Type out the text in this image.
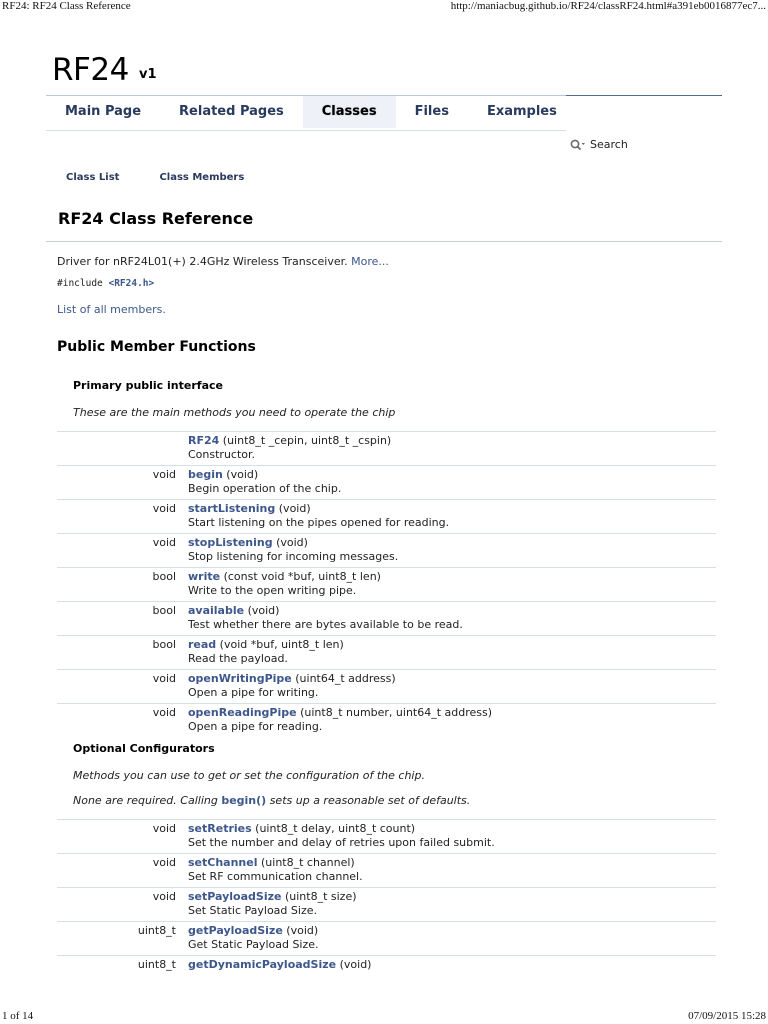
RF24: RF24 Class Reference	http://maniacbug.github.io/RF24/classRF24.html#a391eb0016877ec7...
RF24 v1
Main Page	Related Pages	Classes	Files	Examples
Search
Class List	Class Members
RF24 Class Reference
Driver for nRF24L01(+) 2.4GHz Wireless Transceiver. More...
#include <RF24.h>
List of all members.
Public Member Functions
Primary public interface
These are the main methods you need to operate the chip
RF24 (uint8_t _cepin, uint8_t _cspin)
Constructor.
void begin (void)
Begin operation of the chip.
void startListening (void)
Start listening on the pipes opened for reading.
void stopListening (void)
Stop listening for incoming messages.
bool write (const void *buf, uint8_t len)
Write to the open writing pipe.
bool available (void)
Test whether there are bytes available to be read.
bool read (void *buf, uint8_t len)
Read the payload.
void openWritingPipe (uint64_t address)
Open a pipe for writing.
void openReadingPipe (uint8_t number, uint64_t address)
Open a pipe for reading.
Optional Configurators
Methods you can use to get or set the configuration of the chip.
None are required. Calling begin() sets up a reasonable set of defaults.
void setRetries (uint8_t delay, uint8_t count)
Set the number and delay of retries upon failed submit.
void setChannel (uint8_t channel)
Set RF communication channel.
void setPayloadSize (uint8_t size)
Set Static Payload Size.
uint8_t getPayloadSize (void)
Get Static Payload Size.
uint8_t getDynamicPayloadSize (void)
1 of 14	07/09/2015 15:28
